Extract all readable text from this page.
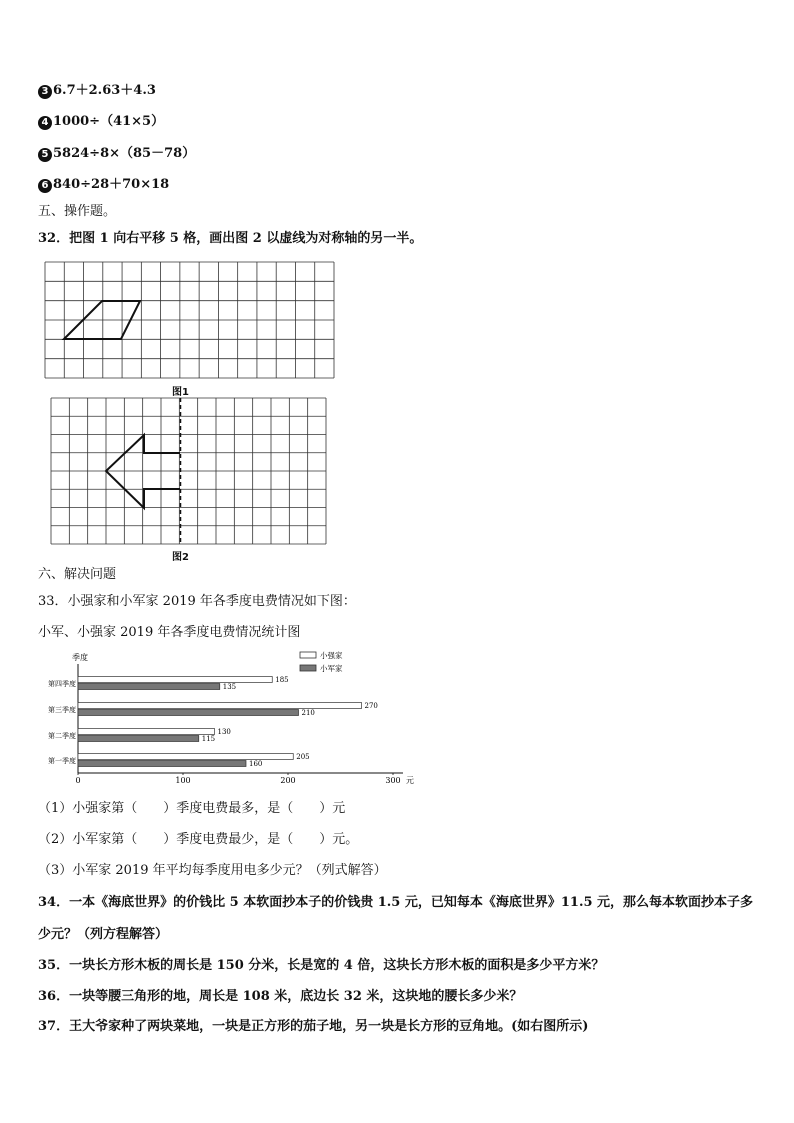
3 6.7＋2.63＋4.3
4 1000÷（41×5）
5 5824÷8×（85－78）
6 840÷28＋70×18
五、操作题。
32．把图 1 向右平移 5 格，画出图 2 以虚线为对称轴的另一半。
图1
图2
六、解决问题
33．小强家和小军家 2019 年各季度电费情况如下图：
小军、小强家 2019 年各季度电费情况统计图
季度
元
小强家
小军家
第一季度	205
160
第二季度	130
115
第三季度	270
210
第四季度	185
135
0	100	200	300
（1）小强家第（　　）季度电费最多，是（　　）元
（2）小军家第（　　）季度电费最少，是（　　）元。
（3）小军家 2019 年平均每季度用电多少元？（列式解答）
34．一本《海底世界》的价钱比 5 本软面抄本子的价钱贵 1.5 元，已知每本《海底世界》11.5 元，那么每本软面抄本子多少元？（列方程解答）
35．一块长方形木板的周长是 150 分米，长是宽的 4 倍，这块长方形木板的面积是多少平方米？
36．一块等腰三角形的地，周长是 108 米，底边长 32 米，这块地的腰长多少米？
37．王大爷家种了两块菜地，一块是正方形的茄子地，另一块是长方形的豆角地。(如右图所示)
